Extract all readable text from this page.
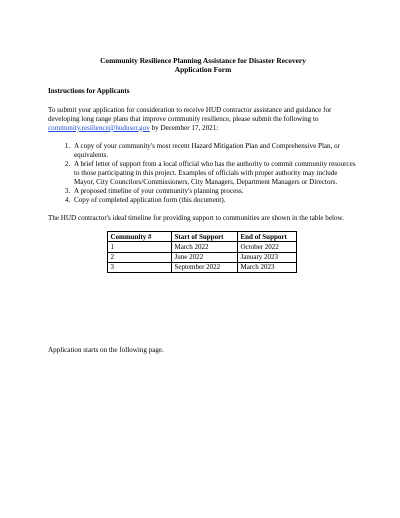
Community Resilience Planning Assistance for Disaster Recovery
Application Form
Instructions for Applicants
To submit your application for consideration to receive HUD contractor assistance and guidance for developing long range plans that improve community resilience, please submit the following to community.resilience@huduser.gov by December 17, 2021:
1. A copy of your community's most recent Hazard Mitigation Plan and Comprehensive Plan, or equivalents.
2. A brief letter of support from a local official who has the authority to commit community resources to those participating in this project. Examples of officials with proper authority may include Mayor, City Councilors/Commissioners, City Managers, Department Managers or Directors.
3. A proposed timeline of your community's planning process.
4. Copy of completed application form (this document).
The HUD contractor's ideal timeline for providing support to communities are shown in the table below.
Community #	Start of Support	End of Support
1	March 2022	October 2022
2	June 2022	January 2023
3	September 2022	March 2023
Application starts on the following page.
